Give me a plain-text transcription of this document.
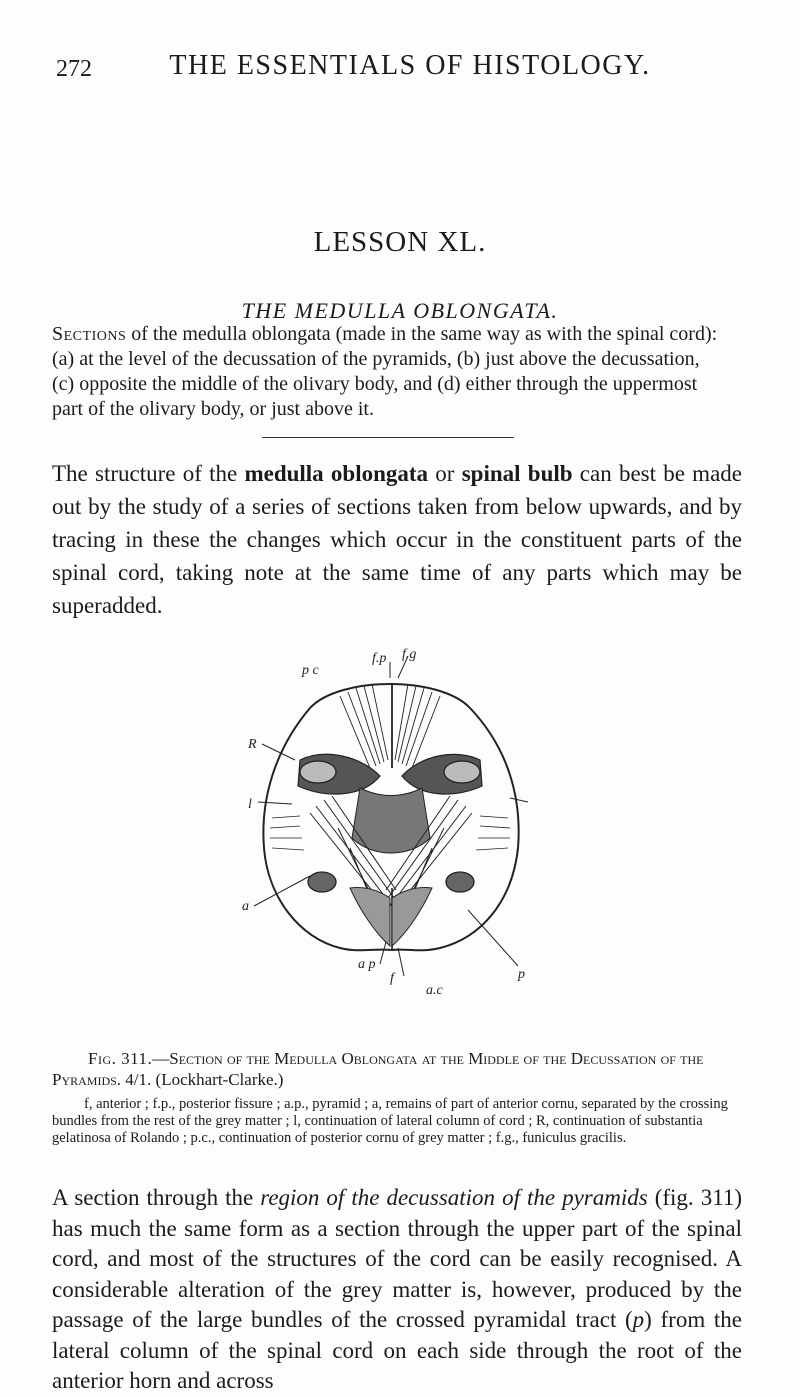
272	THE ESSENTIALS OF HISTOLOGY.
LESSON XL.
THE MEDULLA OBLONGATA.
Sections of the medulla oblongata (made in the same way as with the spinal cord): (a) at the level of the decussation of the pyramids, (b) just above the decussation, (c) opposite the middle of the olivary body, and (d) either through the uppermost part of the olivary body, or just above it.
The structure of the medulla oblongata or spinal bulb can best be made out by the study of a series of sections taken from below upwards, and by tracing in these the changes which occur in the constituent parts of the spinal cord, taking note at the same time of any parts which may be superadded.
p c
f.p f.g
R
l
a
a p
f	p
a.c
Fig. 311.—Section of the Medulla Oblongata at the Middle of the Decussation of the Pyramids. 4/1. (Lockhart-Clarke.)
f, anterior ; f.p., posterior fissure ; a.p., pyramid ; a, remains of part of anterior cornu, separated by the crossing bundles from the rest of the grey matter ; l, continuation of lateral column of cord ; R, continuation of substantia gelatinosa of Rolando ; p.c., continuation of posterior cornu of grey matter ; f.g., funiculus gracilis.
A section through the region of the decussation of the pyramids (fig. 311) has much the same form as a section through the upper part of the spinal cord, and most of the structures of the cord can be easily recognised. A considerable alteration of the grey matter is, however, produced by the passage of the large bundles of the crossed pyramidal tract (p) from the lateral column of the spinal cord on each side through the root of the anterior horn and across
